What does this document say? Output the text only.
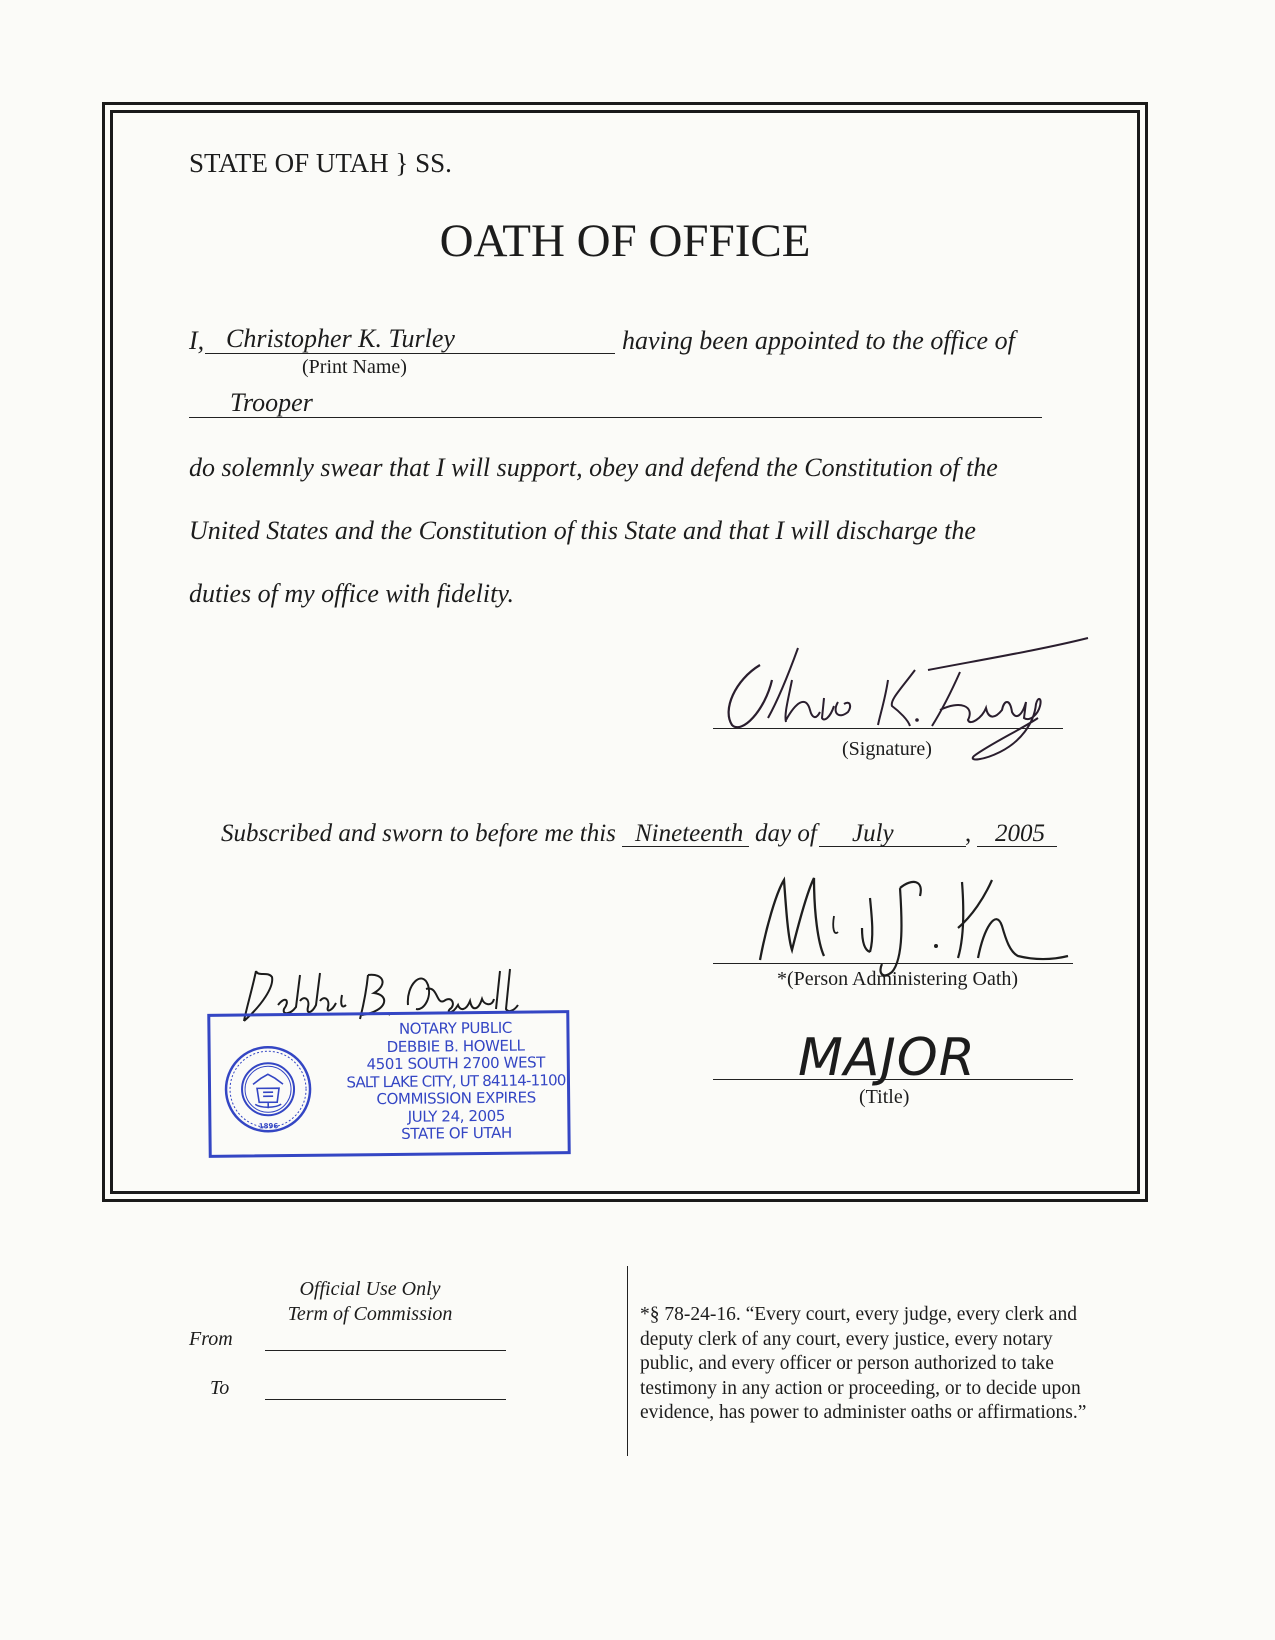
STATE OF UTAH } SS.
OATH OF OFFICE
I, Christopher K. Turley	having been appointed to the office of
(Print Name)
Trooper
do solemnly swear that I will support, obey and defend the Constitution of the
United States and the Constitution of this State and that I will discharge the
duties of my office with fidelity.
(Signature)
Subscribed and sworn to before me this Nineteenth day of July	, 2005
*(Person Administering Oath)
MAJOR
(Title)
1896
NOTARY PUBLIC
DEBBIE B. HOWELL
4501 SOUTH 2700 WEST
SALT LAKE CITY, UT 84114-1100
COMMISSION EXPIRES
JULY 24, 2005
STATE OF UTAH
Official Use Only
Term of Commission
From
To
*§ 78-24-16. “Every court, every judge, every clerk and
deputy clerk of any court, every justice, every notary
public, and every officer or person authorized to take
testimony in any action or proceeding, or to decide upon
evidence, has power to administer oaths or affirmations.”
